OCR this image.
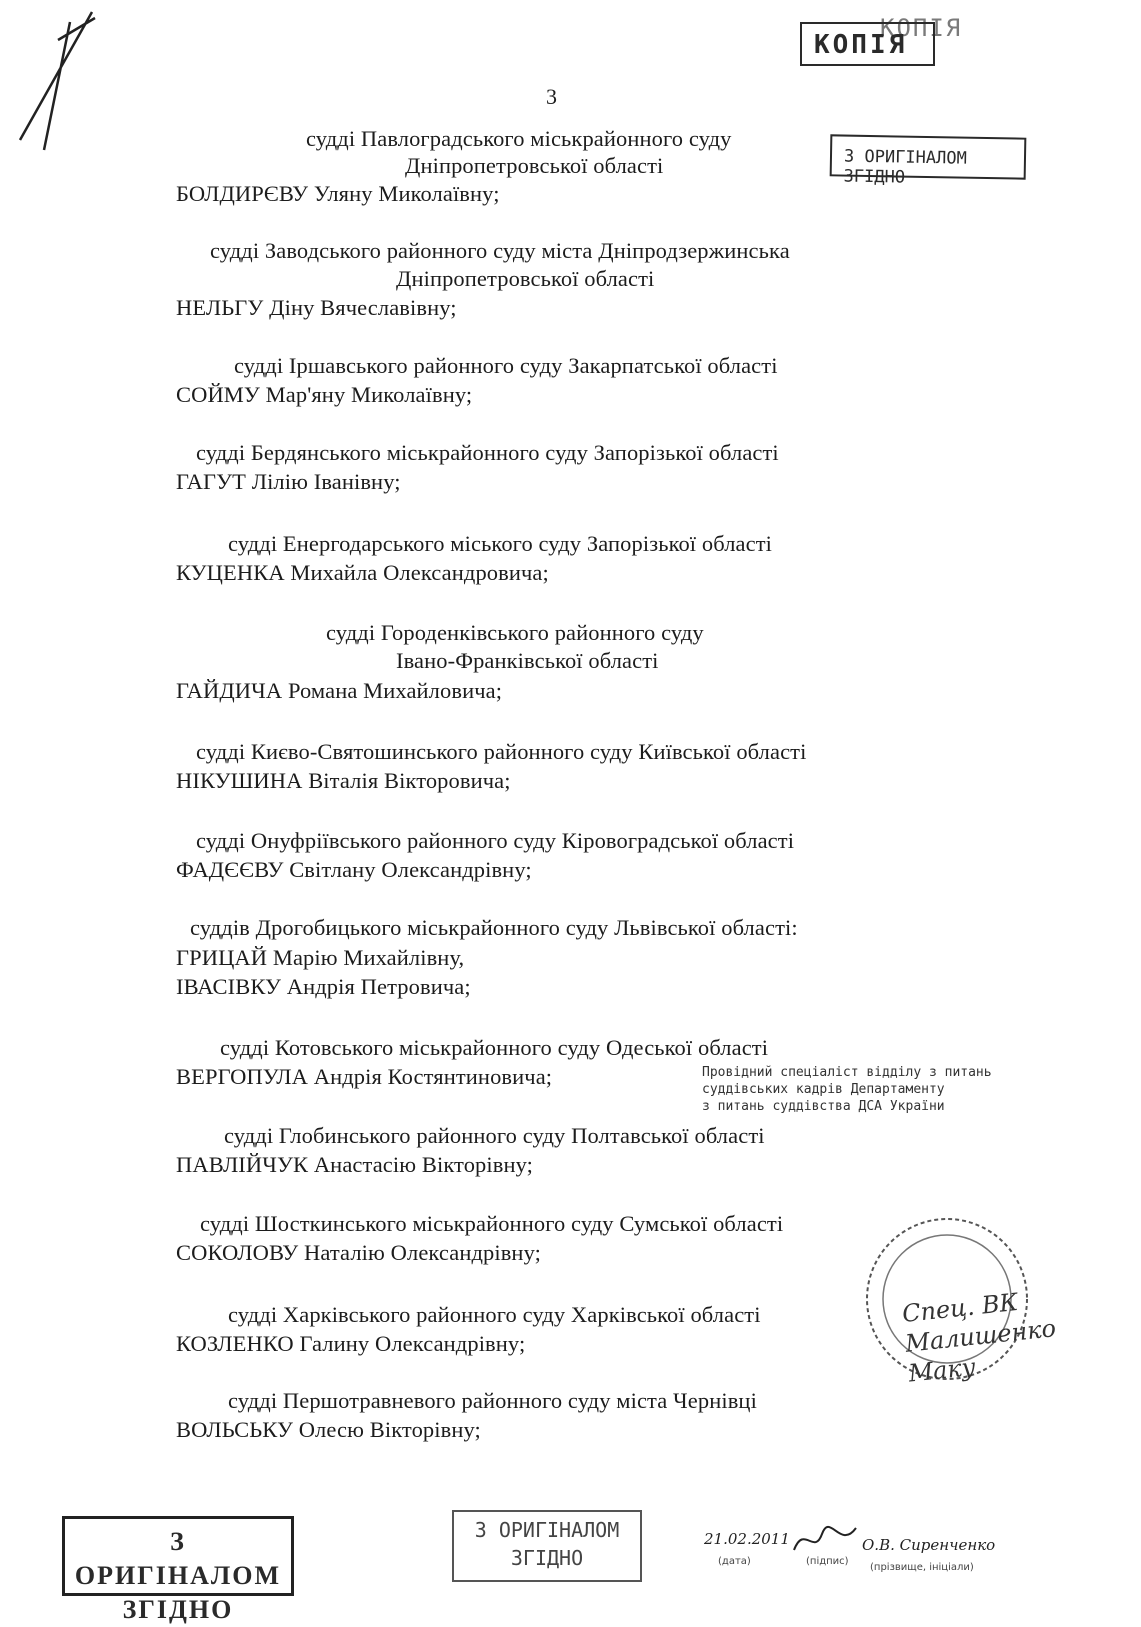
3
судді Павлоградського міськрайонного суду
Дніпропетровської області
БОЛДИРЄВУ Уляну Миколаївну;
судді Заводського районного суду міста Дніпродзержинська
Дніпропетровської області
НЕЛЬГУ Діну Вячеславівну;
судді Іршавського районного суду Закарпатської області
СОЙМУ Мар'яну Миколаївну;
судді Бердянського міськрайонного суду Запорізької області
ГАГУТ Лілію Іванівну;
судді Енергодарського міського суду Запорізької області
КУЦЕНКА Михайла Олександровича;
судді Городенківського районного суду
Івано-Франківської області
ГАЙДИЧА Романа Михайловича;
судді Києво-Святошинського районного суду Київської області
НІКУШИНА Віталія Вікторовича;
судді Онуфріївського районного суду Кіровоградської області
ФАДЄЄВУ Світлану Олександрівну;
суддів Дрогобицького міськрайонного суду Львівської області:
ГРИЦАЙ Марію Михайлівну,
ІВАСІВКУ Андрія Петровича;
судді Котовського міськрайонного суду Одеської області
ВЕРГОПУЛА Андрія Костянтиновича;
судді Глобинського районного суду Полтавської області
ПАВЛІЙЧУК Анастасію Вікторівну;
судді Шосткинського міськрайонного суду Сумської області
СОКОЛОВУ Наталію Олександрівну;
судді Харківського районного суду Харківської області
КОЗЛЕНКО Галину Олександрівну;
судді Першотравневого районного суду міста Чернівці
ВОЛЬСЬКУ Олесю Вікторівну;
КОПІЯ
КОПІЯ
З ОРИГІНАЛОМ ЗГІДНО
З ОРИГІНАЛОМ
ЗГІДНО
З ОРИГІНАЛОМ
ЗГІДНО
Спец. ВК Малишенко Маку
Провідний спеціаліст відділу з питань
суддівських кадрів Департаменту
з питань суддівства ДСА України
21.02.2011	О.В. Сиренченко
(дата)	(підпис)
(прізвище, ініціали)
